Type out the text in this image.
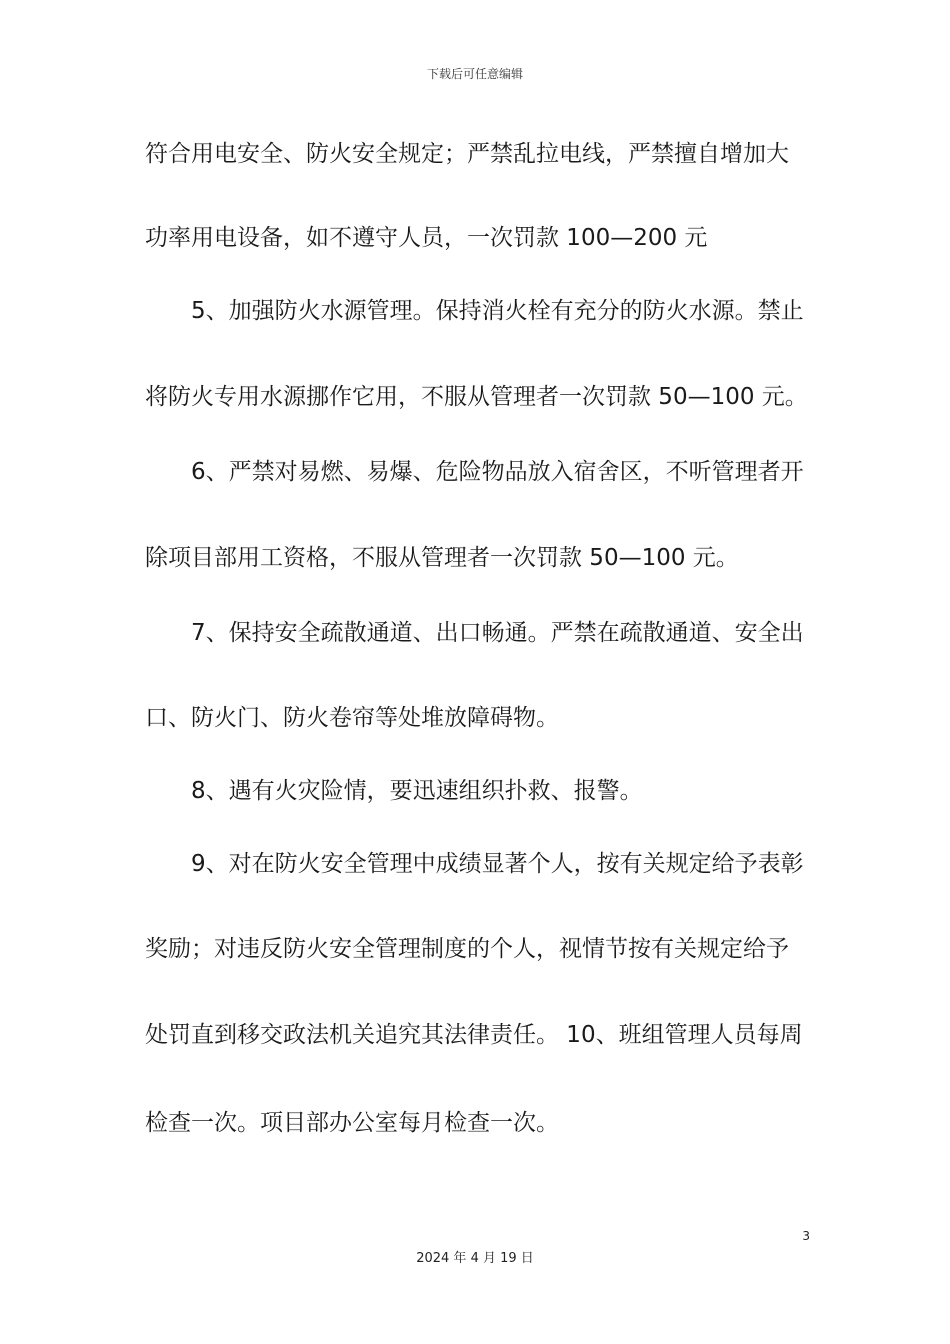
下载后可任意编辑
符合用电安全、防火安全规定；严禁乱拉电线，严禁擅自增加大
功率用电设备，如不遵守人员，一次罚款 100—200 元
5、加强防火水源管理。保持消火栓有充分的防火水源。禁止
将防火专用水源挪作它用，不服从管理者一次罚款 50—100 元。
6、严禁对易燃、易爆、危险物品放入宿舍区，不听管理者开
除项目部用工资格，不服从管理者一次罚款 50—100 元。
7、保持安全疏散通道、出口畅通。严禁在疏散通道、安全出
口、防火门、防火卷帘等处堆放障碍物。
8、遇有火灾险情，要迅速组织扑救、报警。
9、对在防火安全管理中成绩显著个人，按有关规定给予表彰
奖励；对违反防火安全管理制度的个人，视情节按有关规定给予
处罚直到移交政法机关追究其法律责任。 10、班组管理人员每周
检查一次。项目部办公室每月检查一次。
3
2024 年 4 月 19 日
